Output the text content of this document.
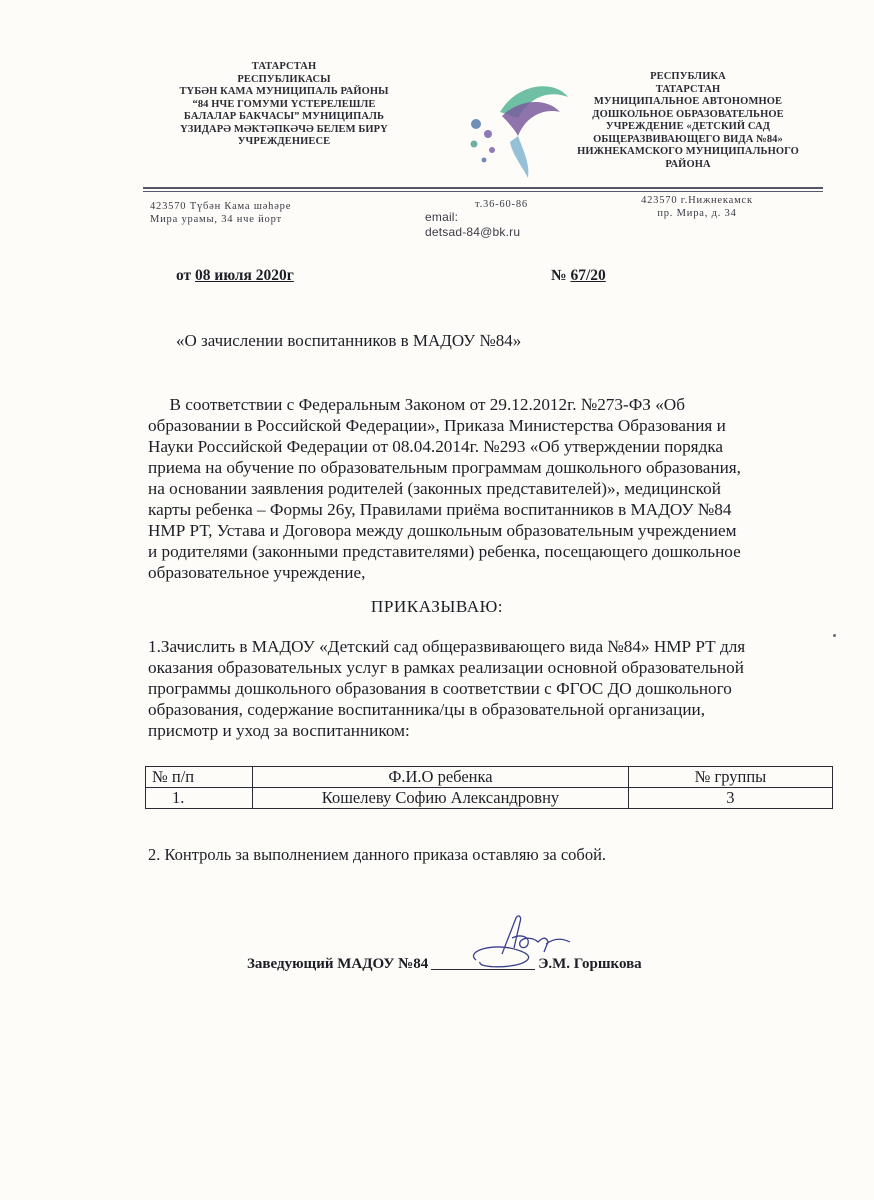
ТАТАРСТАН
РЕСПУБЛИКАСЫ
ТҮБӘН КАМА МУНИЦИПАЛЬ РАЙОНЫ
“84 НЧЕ ГОМУМИ ҮСТЕРЕЛЕШЛЕ
БАЛАЛАР БАКЧАСЫ” МУНИЦИПАЛЬ
ҮЗИДАРӘ МӘКТӘПКӘЧӘ БЕЛЕМ БИРҮ
УЧРЕЖДЕНИЕСЕ
РЕСПУБЛИКА
ТАТАРСТАН
МУНИЦИПАЛЬНОЕ АВТОНОМНОЕ
ДОШКОЛЬНОЕ ОБРАЗОВАТЕЛЬНОЕ
УЧРЕЖДЕНИЕ «ДЕТСКИЙ САД
ОБЩЕРАЗВИВАЮЩЕГО ВИДА №84»
НИЖНЕКАМСКОГО МУНИЦИПАЛЬНОГО
РАЙОНА
423570 Түбән Кама шәһәре
Мира урамы, 34 нче йорт
т.36-60-86
email:
detsad-84@bk.ru
423570 г.Нижнекамск
пр. Мира, д. 34
от 08 июля 2020г	№ 67/20
«О зачислении воспитанников в МАДОУ №84»
В соответствии с Федеральным Законом от 29.12.2012г. №273-ФЗ «Об
образовании в Российской Федерации», Приказа Министерства Образования и
Науки Российской Федерации от 08.04.2014г. №293 «Об утверждении порядка
приема на обучение по образовательным программам дошкольного образования,
на основании заявления родителей (законных представителей)», медицинской
карты ребенка – Формы 26у, Правилами приёма воспитанников в МАДОУ №84
НМР РТ, Устава и Договора между дошкольным образовательным учреждением
и родителями (законными представителями) ребенка, посещающего дошкольное
образовательное учреждение,
ПРИКАЗЫВАЮ:
1.Зачислить в МАДОУ «Детский сад общеразвивающего вида №84» НМР РТ для
оказания образовательных услуг в рамках реализации основной образовательной
программы дошкольного образования в соответствии с ФГОС ДО дошкольного
образования, содержание воспитанника/цы в образовательной организации,
присмотр и уход за воспитанником:
№ п/п	Ф.И.О ребенка	№ группы
1.	Кошелеву Софию Александровну	3
2. Контроль за выполнением данного приказа оставляю за собой.
Заведующий МАДОУ №84	Э.М. Горшкова
